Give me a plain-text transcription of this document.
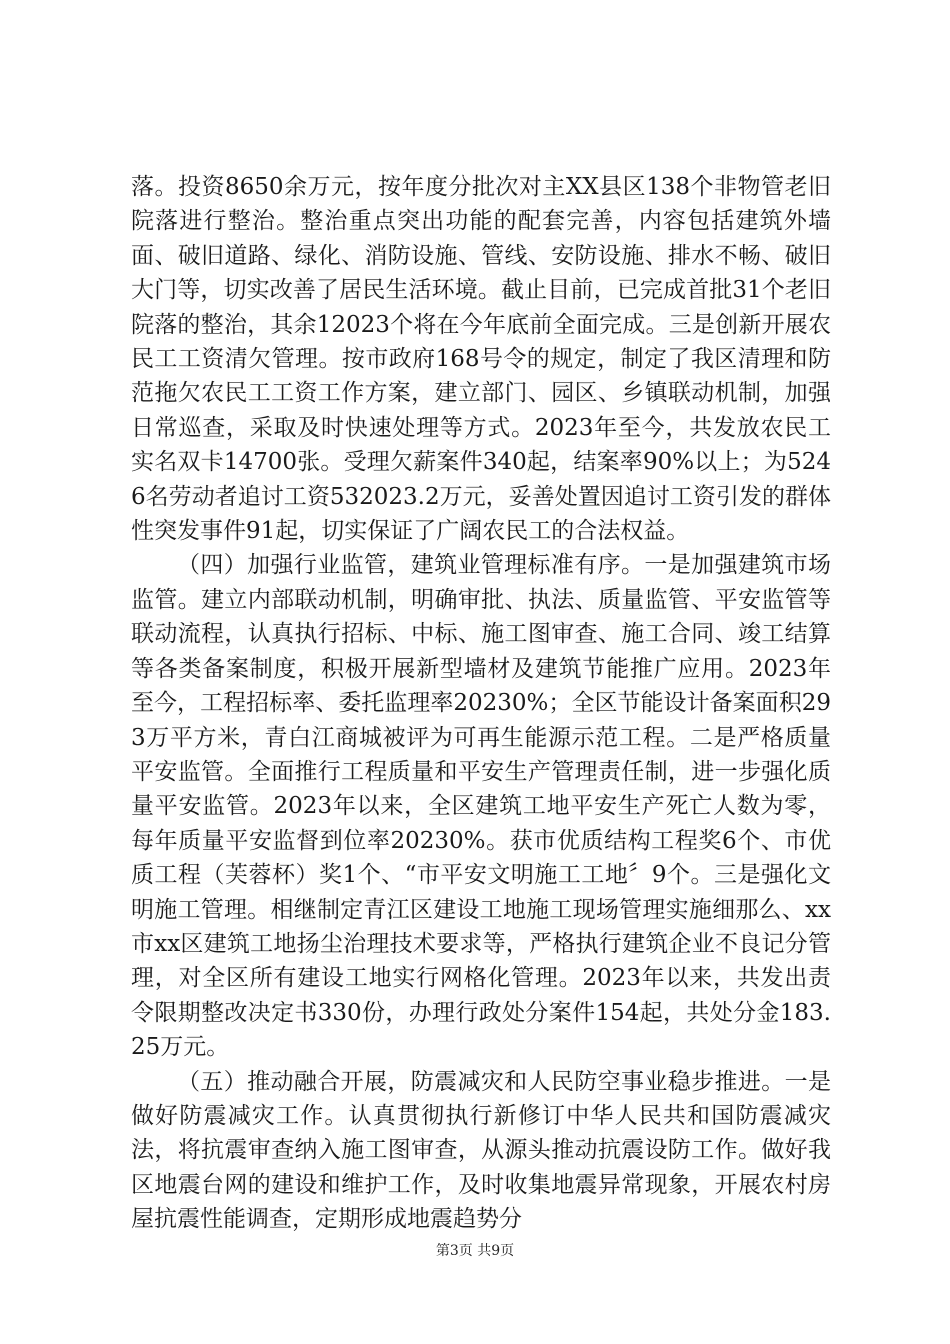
落。投资8650余万元，按年度分批次对主XX县区138个非物管老旧院落进行整治。整治重点突出功能的配套完善，内容包括建筑外墙面、破旧道路、绿化、消防设施、管线、安防设施、排水不畅、破旧大门等，切实改善了居民生活环境。截止目前，已完成首批31个老旧院落的整治，其余12023个将在今年底前全面完成。三是创新开展农民工工资清欠管理。按市政府168号令的规定，制定了我区清理和防范拖欠农民工工资工作方案，建立部门、园区、乡镇联动机制，加强日常巡查，采取及时快速处理等方式。2023年至今，共发放农民工实名双卡14700张。受理欠薪案件340起，结案率90%以上；为5246名劳动者追讨工资532023.2万元，妥善处置因追讨工资引发的群体性突发事件91起，切实保证了广阔农民工的合法权益。

（四）加强行业监管，建筑业管理标准有序。一是加强建筑市场监管。建立内部联动机制，明确审批、执法、质量监管、平安监管等联动流程，认真执行招标、中标、施工图审查、施工合同、竣工结算等各类备案制度，积极开展新型墙材及建筑节能推广应用。2023年至今，工程招标率、委托监理率20230%；全区节能设计备案面积293万平方米，青白江商城被评为可再生能源示范工程。二是严格质量平安监管。全面推行工程质量和平安生产管理责任制，进一步强化质量平安监管。2023年以来，全区建筑工地平安生产死亡人数为零，每年质量平安监督到位率20230%。获市优质结构工程奖6个、市优质工程（芙蓉杯）奖1个、“市平安文明施工工地〞9个。三是强化文明施工管理。相继制定青江区建设工地施工现场管理实施细那么、xx市xx区建筑工地扬尘治理技术要求等，严格执行建筑企业不良记分管理，对全区所有建设工地实行网格化管理。2023年以来，共发出责令限期整改决定书330份，办理行政处分案件154起，共处分金183.25万元。

（五）推动融合开展，防震减灾和人民防空事业稳步推进。一是做好防震减灾工作。认真贯彻执行新修订中华人民共和国防震减灾法，将抗震审查纳入施工图审查，从源头推动抗震设防工作。做好我区地震台网的建设和维护工作，及时收集地震异常现象，开展农村房屋抗震性能调查，定期形成地震趋势分

第3页 共9页
